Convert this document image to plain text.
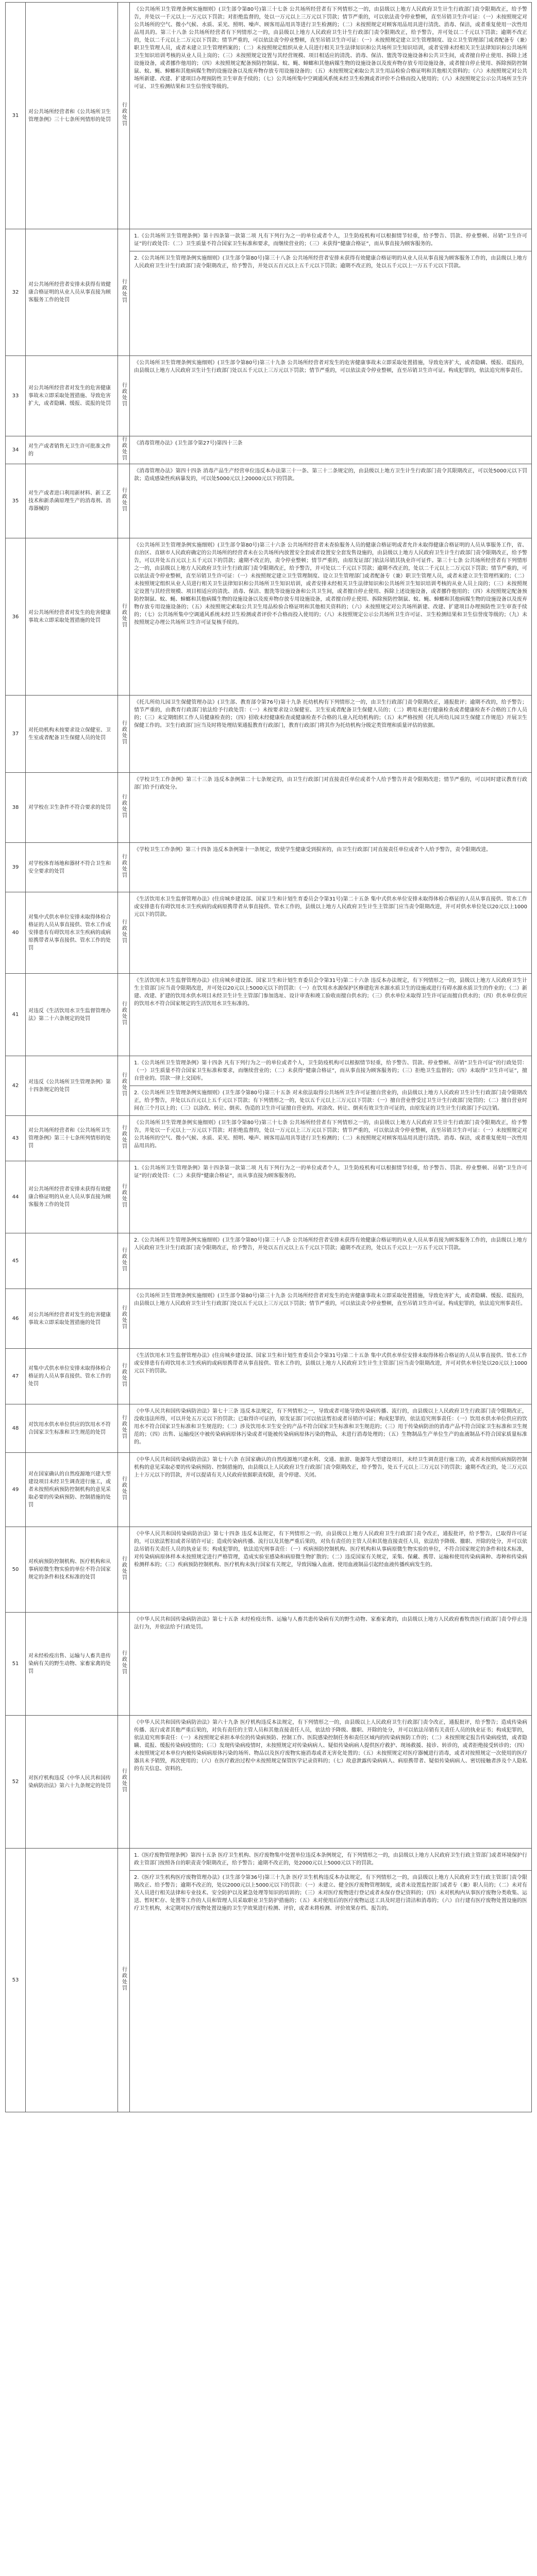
31	对公共场所经营者和《公共场所卫生管理条例》三十七条所列情形的处罚	行政处罚	《公共场所卫生管理条例实施细则》(卫生部令第80号)第三十七条 公共场所经营者有下列情形之一的，由县级以上地方人民政府卫生计生行政部门责令限期改正，给予警告，并处以一千元以上一万元以下罚款；对拒绝监督的，处以一万元以上三万元以下罚款；情节严重的，可以依法责令停业整顿，直至吊销卫生许可证：（一）未按照规定对公共场所的空气、微小气候、水质、采光、照明、噪声、顾客用品用具等进行卫生检测的；（二）未按照规定对顾客用品用具进行清洗、消毒、保洁，或者重复使用一次性用品用具的。第三十八条 公共场所经营者有下列情形之一的，由县级以上地方人民政府卫生计生行政部门责令限期改正，给予警告，并可处以二千元以下罚款；逾期不改正的，处以二千元以上二万元以下罚款；情节严重的，可以依法责令停业整顿，直至吊销卫生许可证：（一）未按照规定建立卫生管理制度、设立卫生管理部门或者配备专（兼）职卫生管理人员，或者未建立卫生管理档案的；（二）未按照规定组织从业人员进行相关卫生法律知识和公共场所卫生知识培训，或者安排未经相关卫生法律知识和公共场所卫生知识培训考核的从业人员上岗的；（三）未按照规定设置与其经营规模、项目相适应的清洗、消毒、保洁、盥洗等设施设备和公共卫生间，或者擅自停止使用、拆除上述设施设备，或者挪作他用的；（四）未按照规定配备预防控制鼠、蚊、蝇、蟑螂和其他病媒生物的设施设备以及废弃物存放专用设施设备，或者擅自停止使用、拆除预防控制鼠、蚊、蝇、蟑螂和其他病媒生物的设施设备以及废弃物存放专用设施设备的；（五）未按照规定索取公共卫生用品检验合格证明和其他相关资料的；（六）未按照规定对公共场所新建、改建、扩建项目办理预防性卫生审查手续的；（七）公共场所集中空调通风系统未经卫生检测或者评价不合格而投入使用的；（八）未按照规定公示公共场所卫生许可证、卫生检测结果和卫生信誉度等级的。

32	对公共场所经营者安排未获得有效健康合格证明的从业人员从事直接为顾客服务工作的处罚	行政处罚	1.《公共场所卫生管理条例》第十四条第一款第二项 凡有下列行为之一的单位或者个人，卫生防疫机构可以根据情节轻重，给予警告、罚款、停业整顿、吊销“卫生许可证”的行政处罚：（二）卫生质量不符合国家卫生标准和要求，而继续营业的；（三）未获得“健康合格证”，而从事直接为顾客服务的。
2.《公共场所卫生管理条例实施细则》(卫生部令第80号)第三十八条 公共场所经营者安排未获得有效健康合格证明的从业人员从事直接为顾客服务工作的，由县级以上地方人民政府卫生计生行政部门责令限期改正，给予警告，并处以五百元以上五千元以下罚款；逾期不改正的，处以五千元以上一万五千元以下罚款。

33	对公共场所经营者对发生的危害健康事故未立即采取处置措施、导致危害扩大，或者隐瞒、缓报、谎报的处罚	行政处罚	《公共场所卫生管理条例实施细则》(卫生部令第80号)第三十九条 公共场所经营者对发生的危害健康事故未立即采取处置措施，导致危害扩大，或者隐瞒、缓报、谎报的，由县级以上地方人民政府卫生计生行政部门处以五千元以上三万元以下罚款；情节严重的，可以依法责令停业整顿，直至吊销卫生许可证。构成犯罪的，依法追究刑事责任。

34	对生产或者销售无卫生许可批准文件的	行政处罚	《消毒管理办法》(卫生部令第27号)第四十三条

35	对生产或者进口利用新材料、新工艺技术和新杀菌原理生产的消毒剂、消毒器械的	行政处罚	《消毒管理办法》第四十四条 消毒产品生产经营单位违反本办法第三十一条、第三十二条规定的，由县级以上地方卫生计生行政部门责令其限期改正，可以处5000元以下罚款；造成感染性疾病暴发的，可以处5000元以上20000元以下的罚款。

36	对公共场所经营者对发生的危害健康事故未立即采取处置措施的处罚	行政处罚	《公共场所卫生管理条例实施细则》(卫生部令第80号)第三十六条 公共场所经营者未查验服务人员的健康合格证明或者允许未取得健康合格证明的人员从事服务工作，省、自治区、直辖市人民政府确定的公共场所的经营者未在公共场所内放置安全套或者设置安全套发售设施的，由县级以上地方人民政府卫生计生行政部门责令限期改正，给予警告，可以并处五百元以上五千元以下的罚款；逾期不改正的，责令停业整顿；情节严重的，由原发证部门依法吊销其执业许可证件。第三十七条 公共场所经营者有下列情形之一的，由县级以上地方人民政府卫生计生行政部门责令限期改正，给予警告，并可处以二千元以下罚款；逾期不改正的，处以二千元以上二万元以下罚款；情节严重的，可以依法责令停业整顿，直至吊销卫生许可证：（一）未按照规定建立卫生管理制度、设立卫生管理部门或者配备专（兼）职卫生管理人员，或者未建立卫生管理档案的；（二）未按照规定组织从业人员进行相关卫生法律知识和公共场所卫生知识培训，或者安排未经相关卫生法律知识和公共场所卫生知识培训考核的从业人员上岗的；（三）未按照规定设置与其经营规模、项目相适应的清洗、消毒、保洁、盥洗等设施设备和公共卫生间，或者擅自停止使用、拆除上述设施设备，或者挪作他用的；（四）未按照规定配备预防控制鼠、蚊、蝇、蟑螂和其他病媒生物的设施设备以及废弃物存放专用设施设备，或者擅自停止使用、拆除预防控制鼠、蚊、蝇、蟑螂和其他病媒生物的设施设备以及废弃物存放专用设施设备的；（五）未按照规定索取公共卫生用品检验合格证明和其他相关资料的；（六）未按照规定对公共场所新建、改建、扩建项目办理预防性卫生审查手续的；（七）公共场所集中空调通风系统未经卫生检测或者评价不合格而投入使用的；（八）未按照规定公示公共场所卫生许可证、卫生检测结果和卫生信誉度等级的；（九）未按照规定办理公共场所卫生许可证复核手续的。

37	对托幼机构未按要求设立保健室、卫生室或者配备卫生保健人员的处罚	行政处罚	《托儿所幼儿园卫生保健管理办法》(卫生部、教育部令第76号)第十九条 托幼机构有下列情形之一的，由卫生行政部门责令限期改正，通报批评；逾期不改的，给予警告；情节严重的，由教育行政部门依法给予行政处罚：（一）未按要求设立保健室、卫生室或者配备卫生保健人员的；（二）聘用未进行健康检查或者健康检查不合格的工作人员的；（三）未定期组织工作人员健康检查的；（四）招收未经健康检查或健康检查不合格的儿童入托幼机构的；（五）未严格按照《托儿所幼儿园卫生保健工作规范》开展卫生保健工作的。卫生行政部门应当及时将处理结果通报教育行政部门，教育行政部门将其作为托幼机构分级定类管理和质量评估的依据。

38	对学校在卫生条件不符合要求的处罚	行政处罚	《学校卫生工作条例》第三十三条 违反本条例第二十七条规定的，由卫生行政部门对直接责任单位或者个人给予警告并责令限期改进；情节严重的，可以同时建议教育行政部门给予行政处分。

39	对学校体育场地和器材不符合卫生和安全要求的处罚	行政处罚	《学校卫生工作条例》第三十四条 违反本条例第十一条规定，致使学生健康受到损害的，由卫生行政部门对直接责任单位或者个人给予警告，责令限期改进。

40	对集中式供水单位安排未取得体检合格证的人员从事直接供、管水工作或安排患有有碍饮用水卫生疾病的或病原携带者从事直接供、管水工作的处罚	行政处罚	《生活饮用水卫生监督管理办法》(住房城乡建设部、国家卫生和计划生育委员会令第31号)第二十五条 集中式供水单位安排未取得体检合格证的人员从事直接供、管水工作或安排患有有碍饮用水卫生疾病的或病原携带者从事直接供、管水工作的，县级以上地方人民政府卫生计生主管部门应当责令限期改进，并可对供水单位处以20元以上1000元以下的罚款。

41	对违反《生活饮用水卫生监督管理办法》第二十六条规定的处罚	行政处罚	《生活饮用水卫生监督管理办法》(住房城乡建设部、国家卫生和计划生育委员会令第31号)第二十六条 违反本办法规定，有下列情形之一的，县级以上地方人民政府卫生计生主管部门应当责令限期改进，并可处以20元以上5000元以下的罚款：（一）在饮用水水源保护区修建危害水源水质卫生的设施或进行有碍水源水质卫生的作业的；（二）新建、改建、扩建的饮用水供水项目未经卫生计生主管部门参加选址、设计审查和竣工验收而擅自供水的；（三）供水单位未取得卫生许可证而擅自供水的；（四）供水单位供应的饮用水不符合国家规定的生活饮用水卫生标准的。

42	对违反《公共场所卫生管理条例》第十四条规定的处罚	行政处罚	1.《公共场所卫生管理条例》第十四条 凡有下列行为之一的单位或者个人，卫生防疫机构可以根据情节轻重，给予警告、罚款、停业整顿、吊销“卫生许可证”的行政处罚：（一）卫生质量不符合国家卫生标准和要求，而继续营业的；（二）未获得“健康合格证”，而从事直接为顾客服务的；（三）拒绝卫生监督的；（四）未取得“卫生许可证”，擅自营业的。罚款一律上交国库。
2.《公共场所卫生管理条例实施细则》(卫生部令第80号)第三十五条 对未依法取得公共场所卫生许可证擅自营业的，由县级以上地方人民政府卫生计生行政部门责令限期改正，给予警告，并处以五百元以上五千元以下罚款；有下列情形之一的，处以五千元以上三万元以下罚款：（一）擅自营业曾受过卫生计生行政部门处罚的；（二）擅自营业时间在三个月以上的；（三）以涂改、转让、倒卖、伪造的卫生许可证擅自营业的。对涂改、转让、倒卖有效卫生许可证的，由原发证的卫生计生行政部门予以注销。

43	对公共场所经营者和《公共场所卫生管理条例》第三十七条所列情形的处罚	行政处罚	《公共场所卫生管理条例实施细则》(卫生部令第80号)第三十七条 公共场所经营者有下列情形之一的，由县级以上地方人民政府卫生计生行政部门责令限期改正，给予警告，并处以一千元以上一万元以下罚款；对拒绝监督的，处以一万元以上三万元以下罚款；情节严重的，可以依法责令停业整顿，直至吊销卫生许可证：（一）未按照规定对公共场所的空气、微小气候、水质、采光、照明、噪声、顾客用品用具等进行卫生检测的；（二）未按照规定对顾客用品用具进行清洗、消毒、保洁，或者重复使用一次性用品用具的。

44	对公共场所经营者安排未获得有效健康合格证明的从业人员从事直接为顾客服务工作的处罚	行政处罚	1.《公共场所卫生管理条例》第十四条第一款第二项 凡有下列行为之一的单位或者个人，卫生防疫机构可以根据情节轻重，给予警告、罚款、停业整顿、吊销“卫生许可证”的行政处罚：（二）未获得“健康合格证”，而从事直接为顾客服务的。

45		行政处罚	2.《公共场所卫生管理条例实施细则》(卫生部令第80号)第三十八条 公共场所经营者安排未获得有效健康合格证明的从业人员从事直接为顾客服务工作的，由县级以上地方人民政府卫生计生行政部门责令限期改正，给予警告，并处以五百元以上五千元以下罚款；逾期不改正的，处以五千元以上一万五千元以下罚款。

46	对公共场所经营者对发生的危害健康事故未立即采取处置措施的处罚	行政处罚	《公共场所卫生管理条例实施细则》(卫生部令第80号)第三十九条 公共场所经营者对发生的危害健康事故未立即采取处置措施，导致危害扩大，或者隐瞒、缓报、谎报的，由县级以上地方人民政府卫生计生行政部门处以五千元以上三万元以下罚款；情节严重的，可以依法责令停业整顿，直至吊销卫生许可证。构成犯罪的，依法追究刑事责任。

47	对集中式供水单位安排未取得体检合格证的人员从事直接供、管水工作的处罚	行政处罚	《生活饮用水卫生监督管理办法》(住房城乡建设部、国家卫生和计划生育委员会令第31号)第二十五条 集中式供水单位安排未取得体检合格证的人员从事直接供、管水工作或安排患有有碍饮用水卫生疾病的或病原携带者从事直接供、管水工作的，县级以上地方人民政府卫生计生主管部门应当责令限期改进，并可对供水单位处以20元以上1000元以下的罚款。

48	对饮用水供水单位供应的饮用水不符合国家卫生标准和卫生规范的处罚	行政处罚	《中华人民共和国传染病防治法》第七十三条 违反本法规定，有下列情形之一，导致或者可能导致传染病传播、流行的，由县级以上人民政府卫生行政部门责令限期改正，没收违法所得，可以并处五万元以下的罚款；已取得许可证的，原发证部门可以依法暂扣或者吊销许可证；构成犯罪的，依法追究刑事责任：（一）饮用水供水单位供应的饮用水不符合国家卫生标准和卫生规范的；（二）涉及饮用水卫生安全的产品不符合国家卫生标准和卫生规范的；（三）用于传染病防治的消毒产品不符合国家卫生标准和卫生规范的；（四）出售、运输疫区中被传染病病原体污染或者可能被传染病病原体污染的物品，未进行消毒处理的；（五）生物制品生产单位生产的血液制品不符合国家质量标准的。

49	对在国家确认的自然疫源地兴建大型建设项目未经卫生调查进行施工，或者未按照疾病预防控制机构的意见采取必要的传染病预防、控制措施的处罚	行政处罚	《中华人民共和国传染病防治法》第七十六条 在国家确认的自然疫源地兴建水利、交通、旅游、能源等大型建设项目，未经卫生调查进行施工的，或者未按照疾病预防控制机构的意见采取必要的传染病预防、控制措施的，由县级以上人民政府卫生行政部门责令限期改正，给予警告，处五千元以上三万元以下的罚款；逾期不改正的，处三万元以上十万元以下的罚款，并可以提请有关人民政府依据职责权限，责令停建、关闭。

50	对疾病预防控制机构、医疗机构和从事病原微生物实验的单位不符合国家规定的条件和技术标准的处罚	行政处罚	《中华人民共和国传染病防治法》第七十四条 违反本法规定，有下列情形之一的，由县级以上地方人民政府卫生行政部门责令改正，通报批评，给予警告，已取得许可证的，可以依法暂扣或者吊销许可证；造成传染病传播、流行以及其他严重后果的，对负有责任的主管人员和其他直接责任人员，依法给予降级、撤职、开除的处分，并可以依法吊销有关责任人员的执业证书；构成犯罪的，依法追究刑事责任：（一）疾病预防控制机构、医疗机构和从事病原微生物实验的单位，不符合国家规定的条件和技术标准，对传染病病原体样本未按照规定进行严格管理，造成实验室感染和病原微生物扩散的；（二）违反国家有关规定，采集、保藏、携带、运输和使用传染病菌种、毒种和传染病检测样本的；（三）疾病预防控制机构、医疗机构未执行国家有关规定，导致因输入血液、使用血液制品引起经血液传播疾病发生的。

51	对未经检疫出售、运输与人畜共患传染病有关的野生动物、家畜家禽的处罚	行政处罚	《中华人民共和国传染病防治法》第七十五条 未经检疫出售、运输与人畜共患传染病有关的野生动物、家畜家禽的，由县级以上地方人民政府畜牧兽医行政部门责令停止违法行为，并依法给予行政处罚。

52	对医疗机构违反《中华人民共和国传染病防治法》第六十九条规定的处罚	行政处罚	《中华人民共和国传染病防治法》第六十九条 医疗机构违反本法规定，有下列情形之一的，由县级以上人民政府卫生行政部门责令改正，通报批评，给予警告；造成传染病传播、流行或者其他严重后果的，对负有责任的主管人员和其他直接责任人员，依法给予降级、撤职、开除的处分，并可以依法吊销有关责任人员的执业证书；构成犯罪的，依法追究刑事责任：（一）未按照规定承担本单位的传染病预防、控制工作、医院感染控制任务和责任区域内的传染病预防工作的；（二）未按照规定报告传染病疫情，或者隐瞒、谎报、缓报传染病疫情的；（三）发现传染病疫情时，未按照规定对传染病病人、疑似传染病病人提供医疗救护、现场救援、接诊、转诊的，或者拒绝接受转诊的；（四）未按照规定对本单位内被传染病病原体污染的场所、物品以及医疗废物实施消毒或者无害化处置的；（五）未按照规定对医疗器械进行消毒，或者对按照规定一次使用的医疗器具未予销毁，再次使用的；（六）在医疗救治过程中未按照规定保管医学记录资料的；（七）故意泄露传染病病人、病原携带者、疑似传染病病人、密切接触者涉及个人隐私的有关信息、资料的。

53		行政处罚	1.《医疗废物管理条例》第四十五条 医疗卫生机构、医疗废物集中处置单位违反本条例规定，有下列情形之一的，由县级以上地方人民政府卫生行政主管部门或者环境保护行政主管部门按照各自的职责责令限期改正，给予警告；逾期不改正的，处2000元以上5000元以下的罚款。
2.《医疗卫生机构医疗废物管理办法》(卫生部令第36号)第三十九条 医疗卫生机构违反本办法规定，有下列情形之一的，由县级以上地方人民政府卫生行政主管部门责令限期改正、给予警告；逾期不改正的，处以2000元以上5000元以下的罚款：（一）未建立、健全医疗废物管理制度，或者未设置监控部门或者专（兼）职人员的；（二）未对有关人员进行相关法律和专业技术、安全防护以及紧急处理等知识的培训的；（三）未对医疗废物进行登记或者未保存登记资料的；（四）未对机构内从事医疗废物分类收集、运送、暂时贮存、处置等工作的人员和管理人员采取职业卫生防护措施的；（五）未对使用后的医疗废物运送工具及时进行清洁和消毒的；（六）自行建有医疗废物处置设施的医疗卫生机构，未定期对医疗废物处置设施的卫生学效果进行检测、评价，或者未将检测、评价效果存档、报告的。
